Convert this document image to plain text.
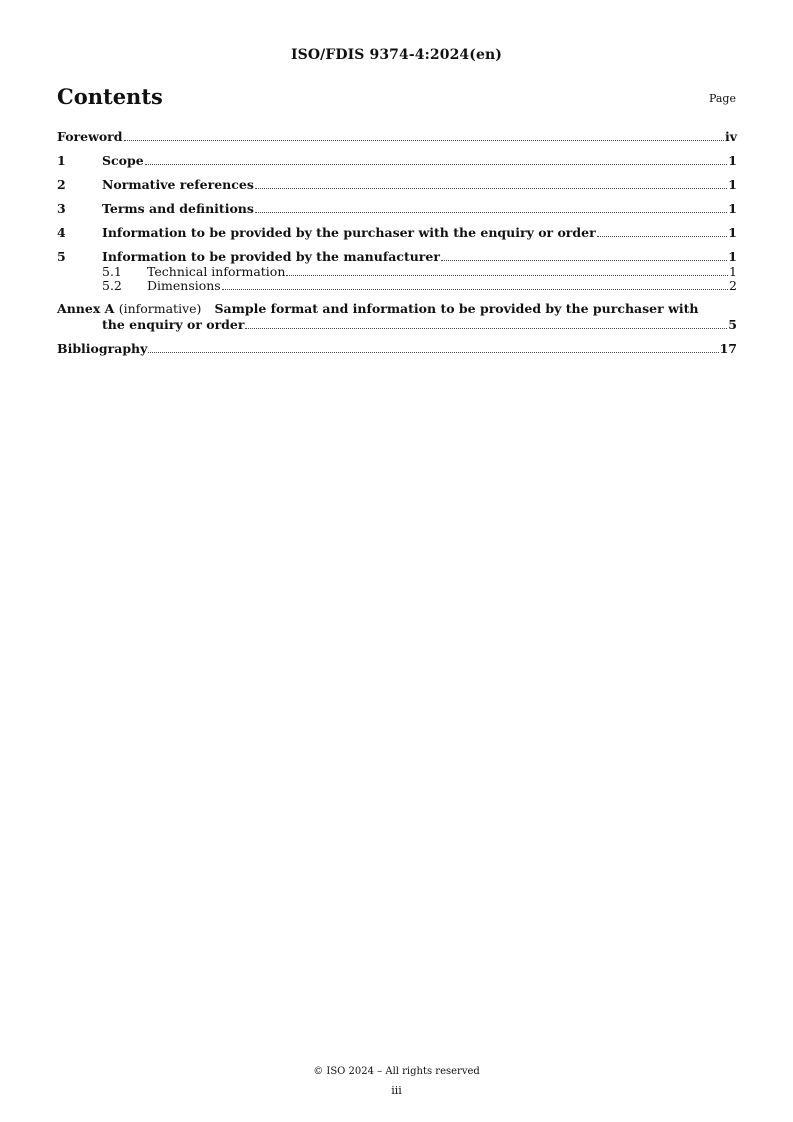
ISO/FDIS 9374-4:2024(en)
Contents	Page
Foreword	iv
1	Scope	1
2	Normative references	1
3	Terms and definitions	1
4	Information to be provided by the purchaser with the enquiry or order	1
5	Information to be provided by the manufacturer	1
5.1	Technical information	1
5.2	Dimensions	2
Annex A (informative) Sample format and information to be provided by the purchaser with
the enquiry or order	5
Bibliography	17
© ISO 2024 – All rights reserved
iii
